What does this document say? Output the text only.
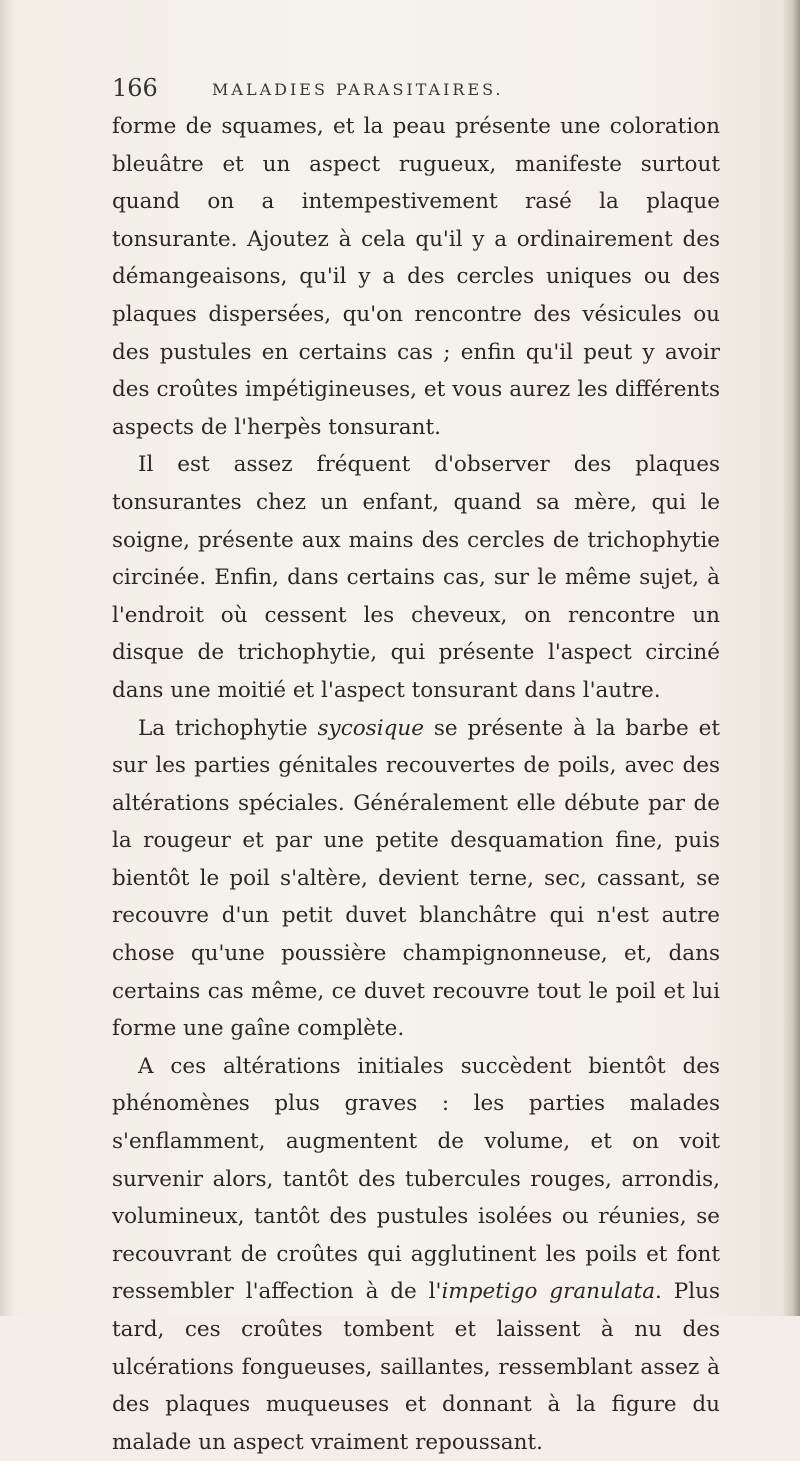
166	MALADIES PARASITAIRES.

forme de squames, et la peau présente une coloration bleuâtre et un aspect rugueux, manifeste surtout quand on a intempestivement rasé la plaque tonsurante. Ajoutez à cela qu'il y a ordinairement des démangeaisons, qu'il y a des cercles uniques ou des plaques dispersées, qu'on rencontre des vésicules ou des pustules en certains cas ; enfin qu'il peut y avoir des croûtes impétigineuses, et vous aurez les différents aspects de l'herpès tonsurant.

Il est assez fréquent d'observer des plaques tonsurantes chez un enfant, quand sa mère, qui le soigne, présente aux mains des cercles de trichophytie circinée. Enfin, dans certains cas, sur le même sujet, à l'endroit où cessent les cheveux, on rencontre un disque de trichophytie, qui présente l'aspect circiné dans une moitié et l'aspect tonsurant dans l'autre.

La trichophytie sycosique se présente à la barbe et sur les parties génitales recouvertes de poils, avec des altérations spéciales. Généralement elle débute par de la rougeur et par une petite desquamation fine, puis bientôt le poil s'altère, devient terne, sec, cassant, se recouvre d'un petit duvet blanchâtre qui n'est autre chose qu'une poussière champignonneuse, et, dans certains cas même, ce duvet recouvre tout le poil et lui forme une gaîne complète.

A ces altérations initiales succèdent bientôt des phénomènes plus graves : les parties malades s'enflamment, augmentent de volume, et on voit survenir alors, tantôt des tubercules rouges, arrondis, volumineux, tantôt des pustules isolées ou réunies, se recouvrant de croûtes qui agglutinent les poils et font ressembler l'affection à de l'impetigo granulata. Plus tard, ces croûtes tombent et laissent à nu des ulcérations fongueuses, saillantes, ressemblant assez à des plaques muqueuses et donnant à la figure du malade un aspect vraiment repoussant.
